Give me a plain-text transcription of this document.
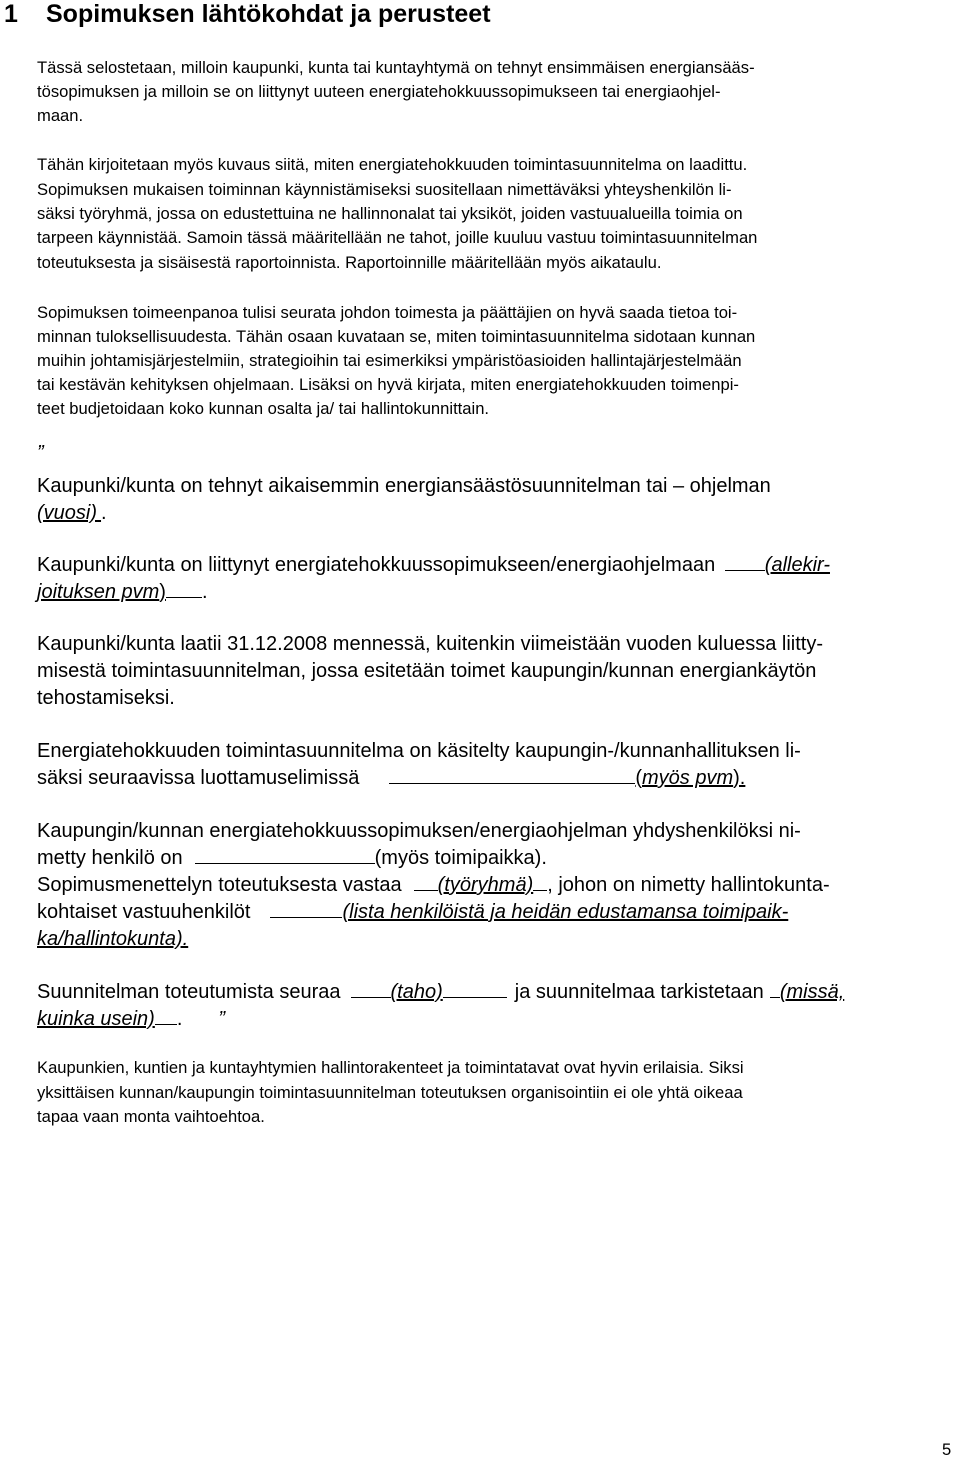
1 Sopimuksen lähtökohdat ja perusteet
Tässä selostetaan, milloin kaupunki, kunta tai kuntayhtymä on tehnyt ensimmäisen energiansääs-
tösopimuksen ja milloin se on liittynyt uuteen energiatehokkuussopimukseen tai energiaohjel-
maan.
Tähän kirjoitetaan myös kuvaus siitä, miten energiatehokkuuden toimintasuunnitelma on laadittu.
Sopimuksen mukaisen toiminnan käynnistämiseksi suositellaan nimettäväksi yhteyshenkilön li-
säksi työryhmä, jossa on edustettuina ne hallinnonalat tai yksiköt, joiden vastuualueilla toimia on
tarpeen käynnistää. Samoin tässä määritellään ne tahot, joille kuuluu vastuu toimintasuunnitelman
toteutuksesta ja sisäisestä raportoinnista. Raportoinnille määritellään myös aikataulu.
Sopimuksen toimeenpanoa tulisi seurata johdon toimesta ja päättäjien on hyvä saada tietoa toi-
minnan tuloksellisuudesta. Tähän osaan kuvataan se, miten toimintasuunnitelma sidotaan kunnan
muihin johtamisjärjestelmiin, strategioihin tai esimerkiksi ympäristöasioiden hallintajärjestelmään
tai kestävän kehityksen ohjelmaan. Lisäksi on hyvä kirjata, miten energiatehokkuuden toimenpi-
teet budjetoidaan koko kunnan osalta ja/ tai hallintokunnittain.
”
Kaupunki/kunta on tehnyt aikaisemmin energiansäästösuunnitelman tai – ohjelman
(vuosi)  .
Kaupunki/kunta on liittynyt energiatehokkuussopimukseen/energiaohjelmaan (allekir-
joituksen pvm) .
Kaupunki/kunta laatii 31.12.2008 mennessä, kuitenkin viimeistään vuoden kuluessa liitty-
misestä toimintasuunnitelman, jossa esitetään toimet kaupungin/kunnan energiankäytön
tehostamiseksi.
Energiatehokkuuden toimintasuunnitelma on käsitelty kaupungin-/kunnanhallituksen li-
säksi seuraavissa luottamuselimissä	(myös pvm).
Kaupungin/kunnan energiatehokkuussopimuksen/energiaohjelman yhdyshenkilöksi ni-
metty henkilö on	(myös toimipaikka).
Sopimusmenettelyn toteutuksesta vastaa (työryhmä) , johon on nimetty hallintokunta-
kohtaiset vastuuhenkilöt	(lista henkilöistä ja heidän edustamansa toimipaik-
ka/hallintokunta).
Suunnitelman toteutumista seuraa	(taho)	ja suunnitelmaa tarkistetaan (missä,
kuinka usein) . ”
Kaupunkien, kuntien ja kuntayhtymien hallintorakenteet ja toimintatavat ovat hyvin erilaisia. Siksi
yksittäisen kunnan/kaupungin toimintasuunnitelman toteutuksen organisointiin ei ole yhtä oikeaa
tapaa vaan monta vaihtoehtoa.
5
